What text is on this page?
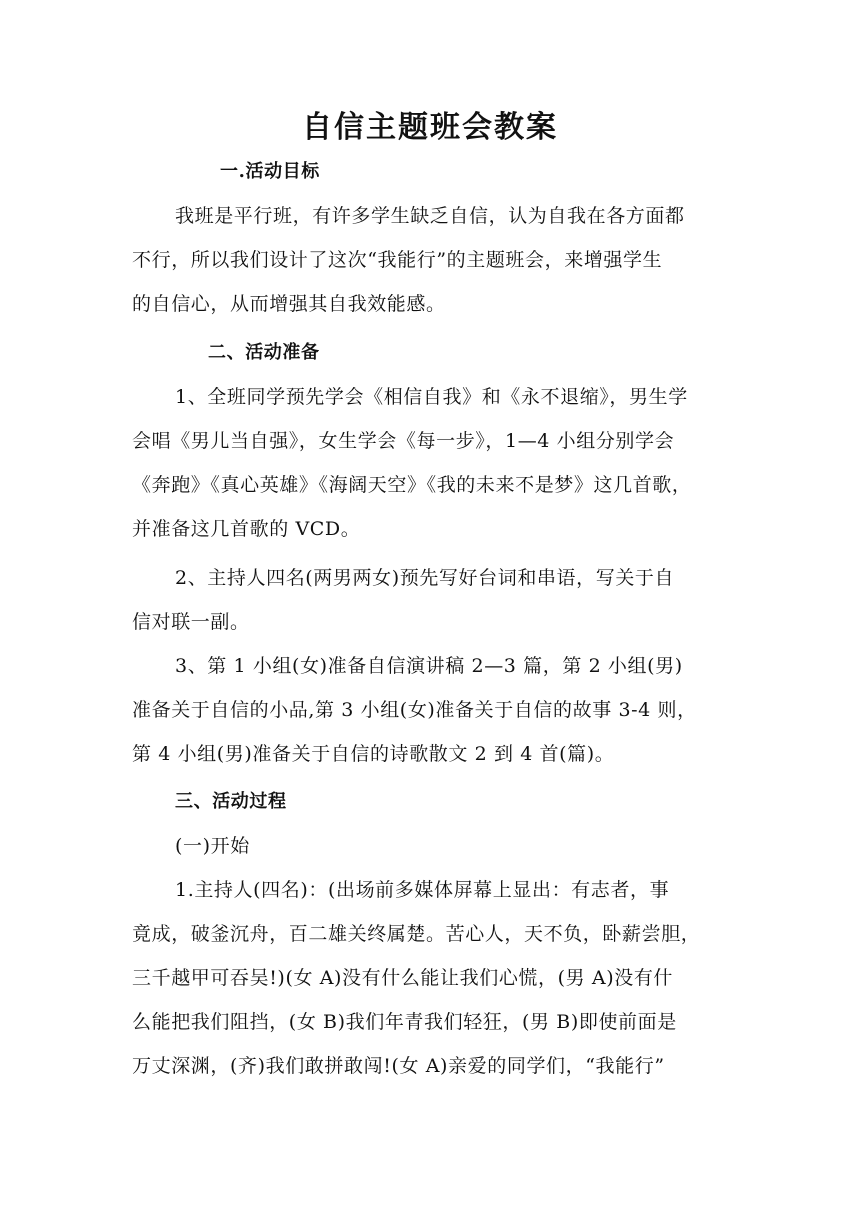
自信主题班会教案
一.活动目标
我班是平行班，有许多学生缺乏自信，认为自我在各方面都
不行，所以我们设计了这次“我能行”的主题班会，来增强学生
的自信心，从而增强其自我效能感。
二、活动准备
1、全班同学预先学会《相信自我》和《永不退缩》，男生学
会唱《男儿当自强》，女生学会《每一步》，1—4 小组分别学会
《奔跑》《真心英雄》《海阔天空》《我的未来不是梦》这几首歌，
并准备这几首歌的 VCD。
2、主持人四名(两男两女)预先写好台词和串语，写关于自
信对联一副。
3、第 1 小组(女)准备自信演讲稿 2—3 篇，第 2 小组(男)
准备关于自信的小品,第 3 小组(女)准备关于自信的故事 3-4 则，
第 4 小组(男)准备关于自信的诗歌散文 2 到 4 首(篇)。
三、活动过程
(一)开始
1.主持人(四名)：(出场前多媒体屏幕上显出：有志者，事
竟成，破釜沉舟，百二雄关终属楚。苦心人，天不负，卧薪尝胆，
三千越甲可吞吴!)(女 A)没有什么能让我们心慌，(男 A)没有什
么能把我们阻挡，(女 B)我们年青我们轻狂，(男 B)即使前面是
万丈深渊，(齐)我们敢拼敢闯!(女 A)亲爱的同学们，“我能行”
